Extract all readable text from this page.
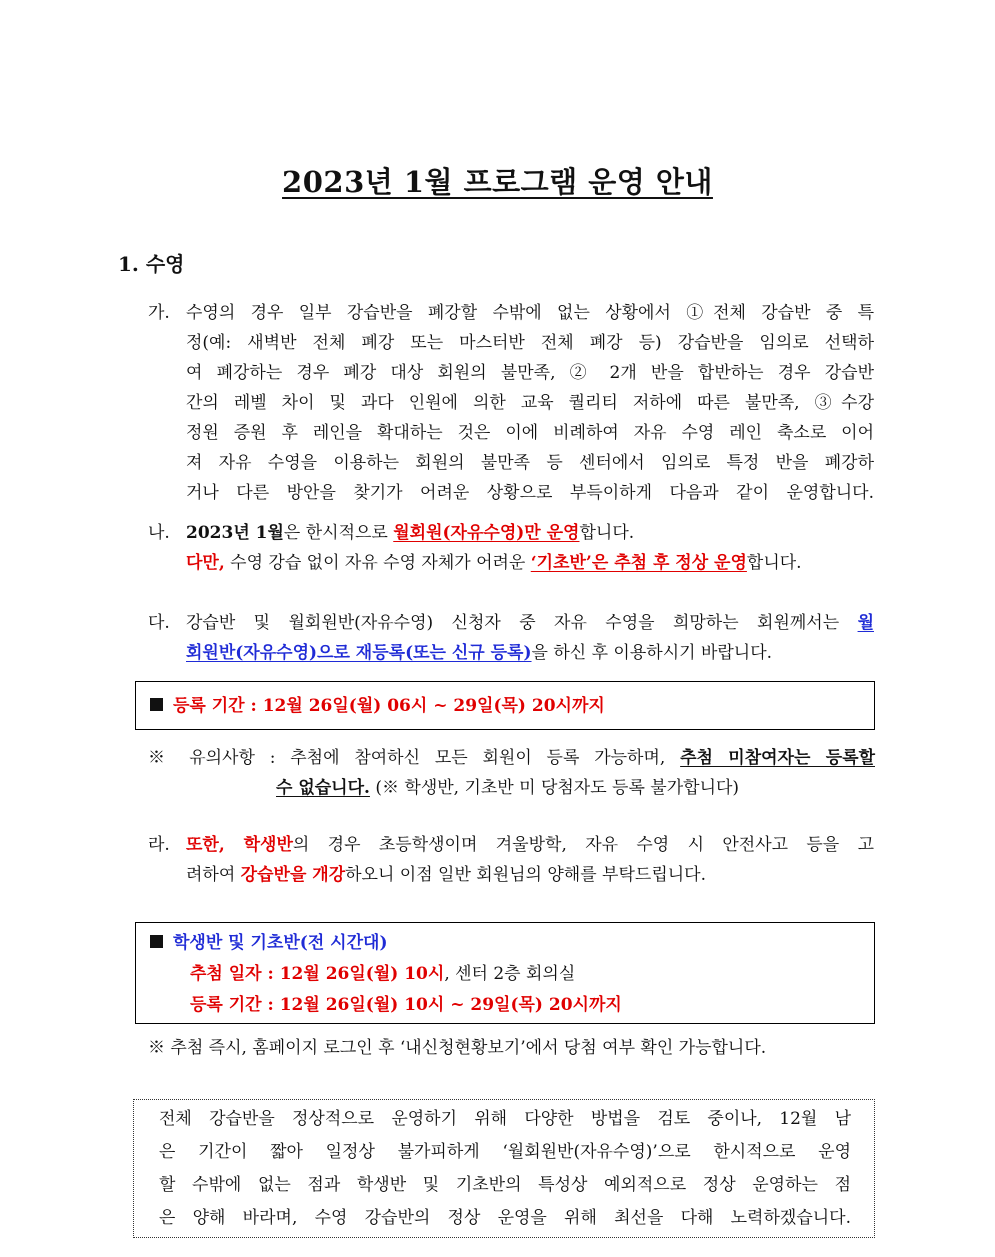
2023년 1월 프로그램 운영 안내
1. 수영
가. 수영의 경우 일부 강습반을 폐강할 수밖에 없는 상황에서 ①전체 강습반 중 특
정(예: 새벽반 전체 폐강 또는 마스터반 전체 폐강 등) 강습반을 임의로 선택하
여 폐강하는 경우 폐강 대상 회원의 불만족, ② 2개 반을 합반하는 경우 강습반
간의 레벨 차이 및 과다 인원에 의한 교육 퀄리티 저하에 따른 불만족, ③수강
정원 증원 후 레인을 확대하는 것은 이에 비례하여 자유 수영 레인 축소로 이어
져 자유 수영을 이용하는 회원의 불만족 등 센터에서 임의로 특정 반을 폐강하
거나 다른 방안을 찾기가 어려운 상황으로 부득이하게 다음과 같이 운영합니다.
나. 2023년 1월은 한시적으로 월회원(자유수영)만 운영합니다.
다만, 수영 강습 없이 자유 수영 자체가 어려운 ‘기초반’은 추첨 후 정상 운영합니다.
다. 강습반 및 월회원반(자유수영) 신청자 중 자유 수영을 희망하는 회원께서는 월
회원반(자유수영)으로 재등록(또는 신규 등록)을 하신 후 이용하시기 바랍니다.
등록 기간 : 12월 26일(월) 06시 ~ 29일(목) 20시까지
※ 유의사항 : 추첨에 참여하신 모든 회원이 등록 가능하며, 추첨 미참여자는 등록할
수 없습니다. (※ 학생반, 기초반 미 당첨자도 등록 불가합니다)
라. 또한, 학생반의 경우 초등학생이며 겨울방학, 자유 수영 시 안전사고 등을 고
려하여 강습반을 개강하오니 이점 일반 회원님의 양해를 부탁드립니다.
학생반 및 기초반(전 시간대)
추첨 일자 : 12월 26일(월) 10시, 센터 2층 회의실
등록 기간 : 12월 26일(월) 10시 ~ 29일(목) 20시까지
※ 추첨 즉시, 홈페이지 로그인 후 ‘내신청현황보기’에서 당첨 여부 확인 가능합니다.
전체 강습반을 정상적으로 운영하기 위해 다양한 방법을 검토 중이나, 12월 남
은 기간이 짧아 일정상 불가피하게 ‘월회원반(자유수영)’으로 한시적으로 운영
할 수밖에 없는 점과 학생반 및 기초반의 특성상 예외적으로 정상 운영하는 점
은 양해 바라며, 수영 강습반의 정상 운영을 위해 최선을 다해 노력하겠습니다.
